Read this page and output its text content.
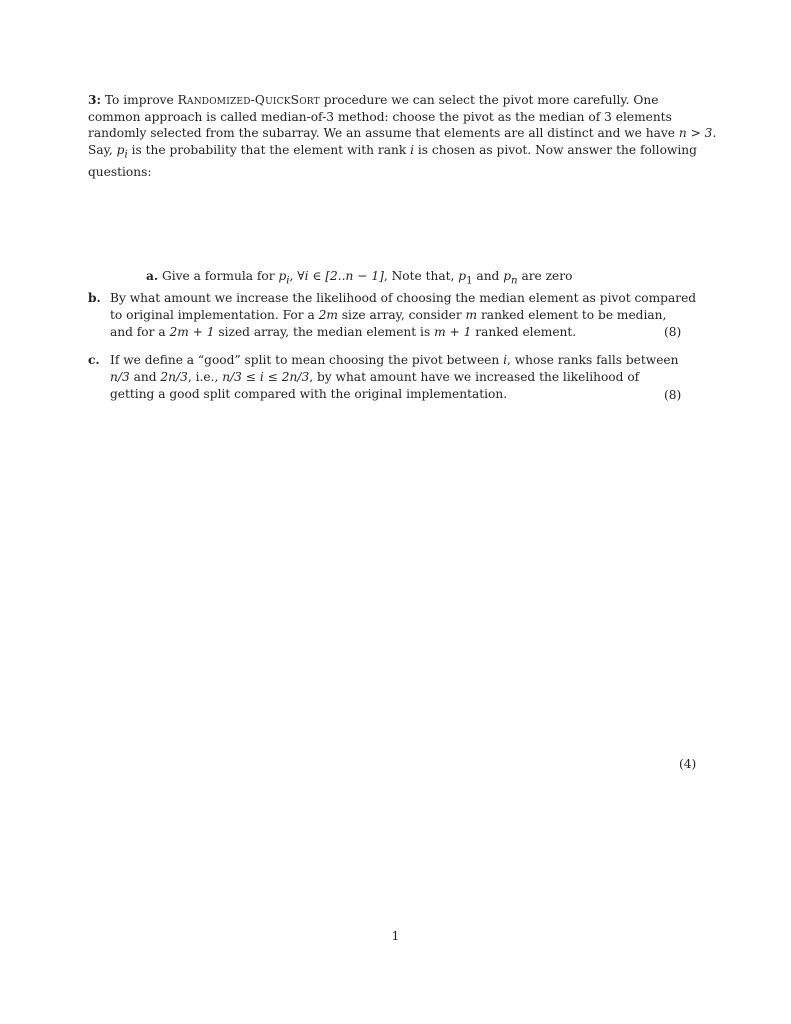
3: To improve Randomized-QuickSort procedure we can select the pivot more carefully. One
common approach is called median-of-3 method: choose the pivot as the median of 3 elements
randomly selected from the subarray. We an assume that elements are all distinct and we have n > 3.
Say, $p_i$ is the probability that the element with rank i is chosen as pivot. Now answer the following
questions:
a. Give a formula for $p_i$, ∀i ∈ [2..n − 1], Note that, $p_1$ and $p_n$ are zero
b. By what amount we increase the likelihood of choosing the median element as pivot compared
to original implementation. For a 2m size array, consider m ranked element to be median,
and for a 2m + 1 sized array, the median element is m + 1 ranked element.	(8)
c. If we define a “good” split to mean choosing the pivot between i, whose ranks falls between
n/3 and 2n/3, i.e., n/3 ≤ i ≤ 2n/3, by what amount have we increased the likelihood of
getting a good split compared with the original implementation.	(8)
(4)
1
